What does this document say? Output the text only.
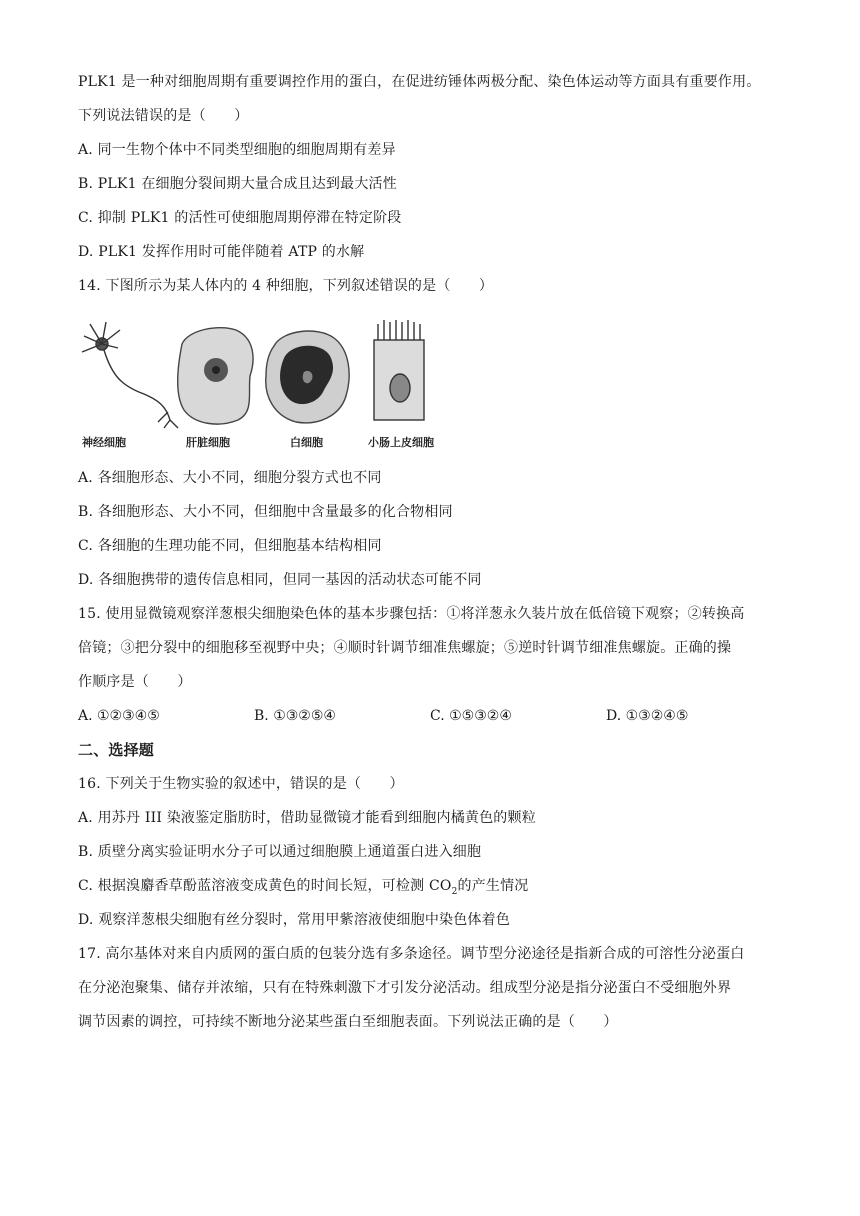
PLK1 是一种对细胞周期有重要调控作用的蛋白，在促进纺锤体两极分配、染色体运动等方面具有重要作用。
下列说法错误的是（　　）
A. 同一生物个体中不同类型细胞的细胞周期有差异
B. PLK1 在细胞分裂间期大量合成且达到最大活性
C. 抑制 PLK1 的活性可使细胞周期停滞在特定阶段
D. PLK1 发挥作用时可能伴随着 ATP 的水解
14. 下图所示为某人体内的 4 种细胞，下列叙述错误的是（　　）
神经细胞	肝脏细胞	白细胞	小肠上皮细胞
A. 各细胞形态、大小不同，细胞分裂方式也不同
B. 各细胞形态、大小不同，但细胞中含量最多的化合物相同
C. 各细胞的生理功能不同，但细胞基本结构相同
D. 各细胞携带的遗传信息相同，但同一基因的活动状态可能不同
15. 使用显微镜观察洋葱根尖细胞染色体的基本步骤包括：①将洋葱永久装片放在低倍镜下观察；②转换高
倍镜；③把分裂中的细胞移至视野中央；④顺时针调节细准焦螺旋；⑤逆时针调节细准焦螺旋。正确的操
作顺序是（　　）
A. ①②③④⑤	B. ①③②⑤④	C. ①⑤③②④	D. ①③②④⑤
二、选择题
16. 下列关于生物实验的叙述中，错误的是（　　）
A. 用苏丹 III 染液鉴定脂肪时，借助显微镜才能看到细胞内橘黄色的颗粒
B. 质壁分离实验证明水分子可以通过细胞膜上通道蛋白进入细胞
C. 根据溴麝香草酚蓝溶液变成黄色的时间长短，可检测 $CO_2$的产生情况
D. 观察洋葱根尖细胞有丝分裂时，常用甲紫溶液使细胞中染色体着色
17. 高尔基体对来自内质网的蛋白质的包装分选有多条途径。调节型分泌途径是指新合成的可溶性分泌蛋白
在分泌泡聚集、储存并浓缩，只有在特殊刺激下才引发分泌活动。组成型分泌是指分泌蛋白不受细胞外界
调节因素的调控，可持续不断地分泌某些蛋白至细胞表面。下列说法正确的是（　　）
